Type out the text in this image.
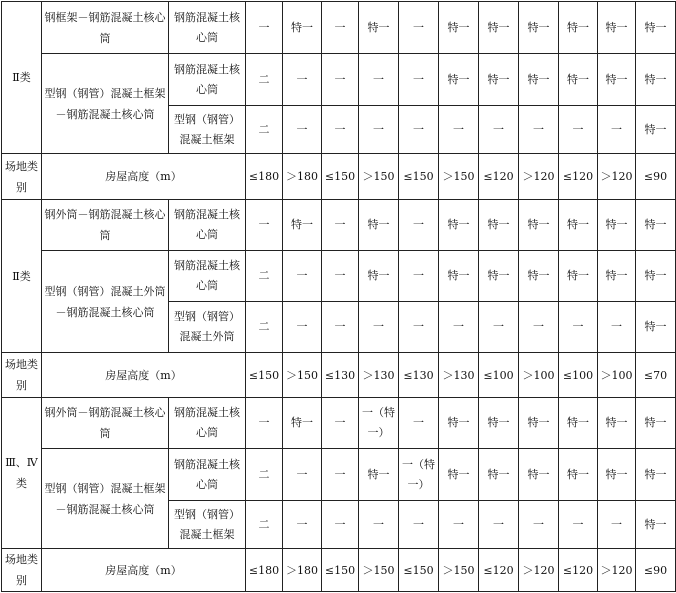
Ⅱ类	钢框架－钢筋混凝土核心筒	钢筋混凝土核心筒	一	特一	一	特一	一	特一	特一	特一	特一	特一	特一
	型钢（钢管）混凝土框架－钢筋混凝土核心筒	钢筋混凝土核心筒	二	一	一	一	一	特一	特一	特一	特一	特一	特一
		型钢（钢管）混凝土框架	二	一	一	一	一	一	一	一	一	一	特一
场地类别	房屋高度（m）		≤180	＞180	≤150	＞150	≤150	＞150	≤120	＞120	≤120	＞120	≤90
Ⅱ类	钢外筒－钢筋混凝土核心筒	钢筋混凝土核心筒	一	特一	一	特一	一	特一	特一	特一	特一	特一	特一
	型钢（钢管）混凝土外筒－钢筋混凝土核心筒	钢筋混凝土核心筒	二	一	一	特一	一	特一	特一	特一	特一	特一	特一
		型钢（钢管）混凝土外筒	二	一	一	一	一	一	一	一	一	一	特一
场地类别	房屋高度（m）		≤150	＞150	≤130	＞130	≤130	＞130	≤100	＞100	≤100	＞100	≤70
Ⅲ、Ⅳ类	钢外筒－钢筋混凝土核心筒	钢筋混凝土核心筒	一	特一	一	一（特一）	一	特一	特一	特一	特一	特一	特一
	型钢（钢管）混凝土框架－钢筋混凝土核心筒	钢筋混凝土核心筒	二	一	一	特一	一（特一）	特一	特一	特一	特一	特一	特一
		型钢（钢管）混凝土框架	二	一	一	一	一	一	一	一	一	一	特一
场地类别	房屋高度（m）		≤180	＞180	≤150	＞150	≤150	＞150	≤120	＞120	≤120	＞120	≤90
